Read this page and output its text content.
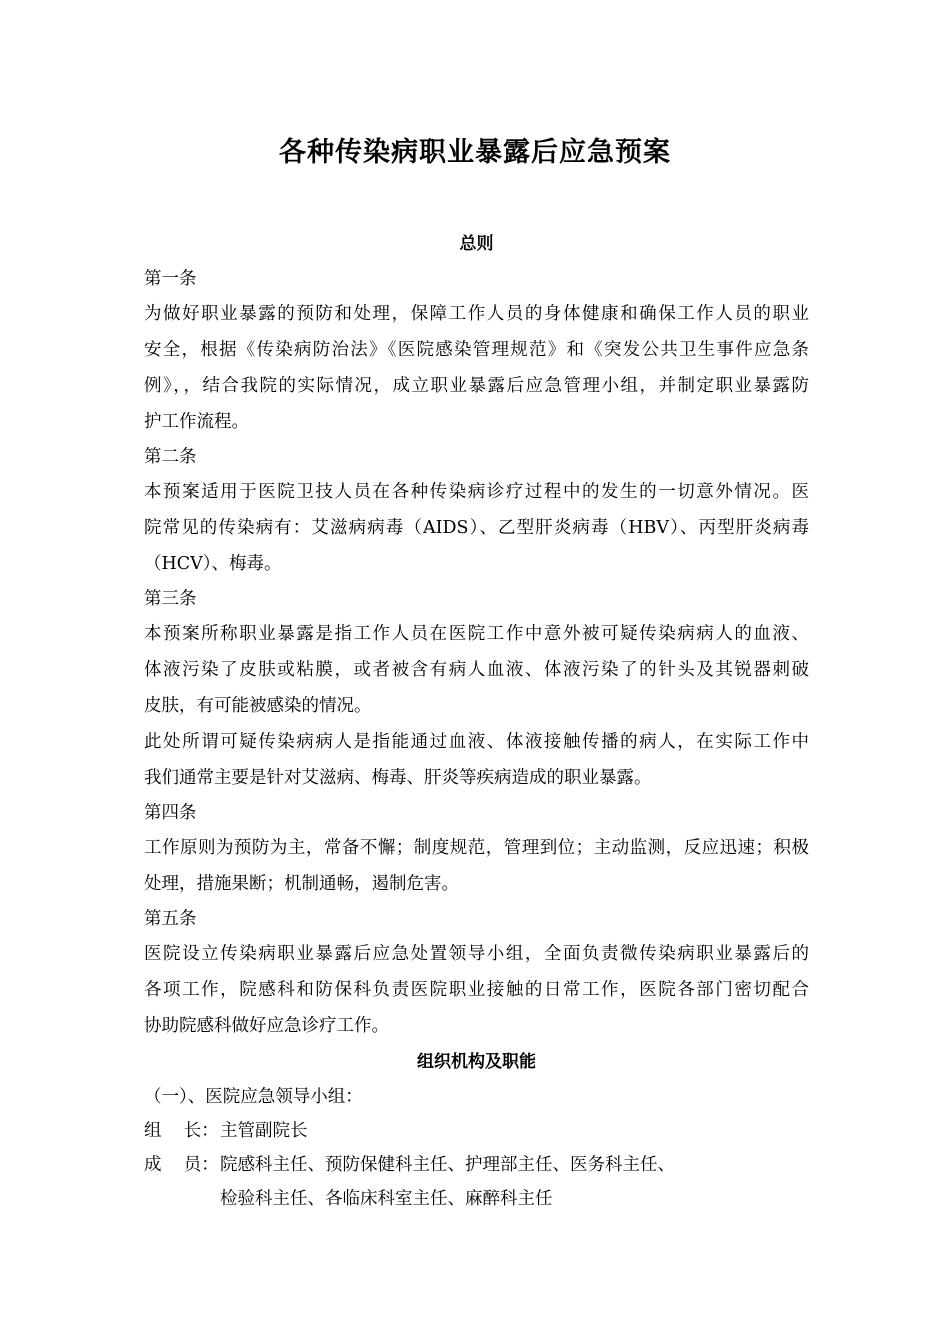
各种传染病职业暴露后应急预案
总则
第一条
为做好职业暴露的预防和处理，保障工作人员的身体健康和确保工作人员的职业
安全，根据《传染病防治法》《医院感染管理规范》和《突发公共卫生事件应急条
例》，，结合我院的实际情况，成立职业暴露后应急管理小组，并制定职业暴露防
护工作流程。
第二条
本预案适用于医院卫技人员在各种传染病诊疗过程中的发生的一切意外情况。医
院常见的传染病有：艾滋病病毒（AIDS）、乙型肝炎病毒（HBV）、丙型肝炎病毒
（HCV）、梅毒。
第三条
本预案所称职业暴露是指工作人员在医院工作中意外被可疑传染病病人的血液、
体液污染了皮肤或粘膜，或者被含有病人血液、体液污染了的针头及其锐器刺破
皮肤，有可能被感染的情况。
此处所谓可疑传染病病人是指能通过血液、体液接触传播的病人，在实际工作中
我们通常主要是针对艾滋病、梅毒、肝炎等疾病造成的职业暴露。
第四条
工作原则为预防为主，常备不懈；制度规范，管理到位；主动监测，反应迅速；积极
处理，措施果断；机制通畅，遏制危害。
第五条
医院设立传染病职业暴露后应急处置领导小组，全面负责微传染病职业暴露后的
各项工作，院感科和防保科负责医院职业接触的日常工作，医院各部门密切配合
协助院感科做好应急诊疗工作。
组织机构及职能
（一）、医院应急领导小组：
组    长： 主管副院长
成    员： 院感科主任、预防保健科主任、护理部主任、医务科主任、
检验科主任、各临床科室主任、麻醉科主任
